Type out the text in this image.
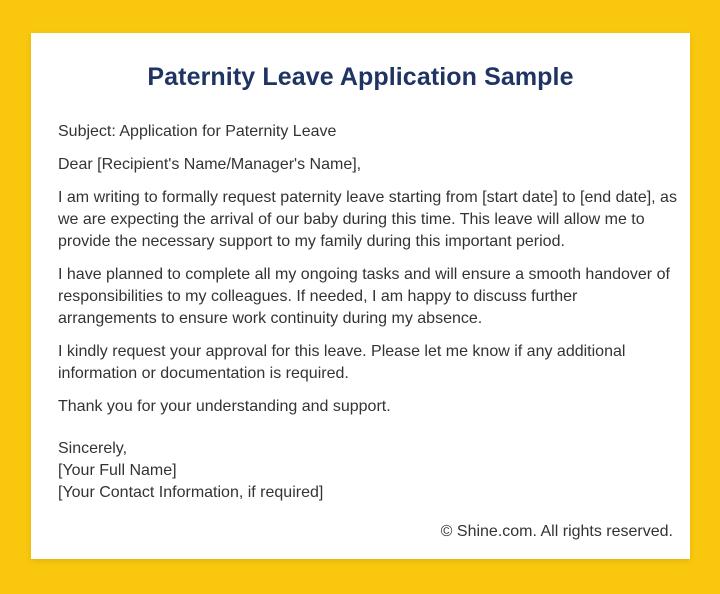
Paternity Leave Application Sample

Subject: Application for Paternity Leave

Dear [Recipient's Name/Manager's Name],

I am writing to formally request paternity leave starting from [start date] to [end date], as we are expecting the arrival of our baby during this time. This leave will allow me to provide the necessary support to my family during this important period.

I have planned to complete all my ongoing tasks and will ensure a smooth handover of responsibilities to my colleagues. If needed, I am happy to discuss further arrangements to ensure work continuity during my absence.

I kindly request your approval for this leave. Please let me know if any additional information or documentation is required.

Thank you for your understanding and support.

Sincerely,
[Your Full Name]
[Your Contact Information, if required]
© Shine.com. All rights reserved.
